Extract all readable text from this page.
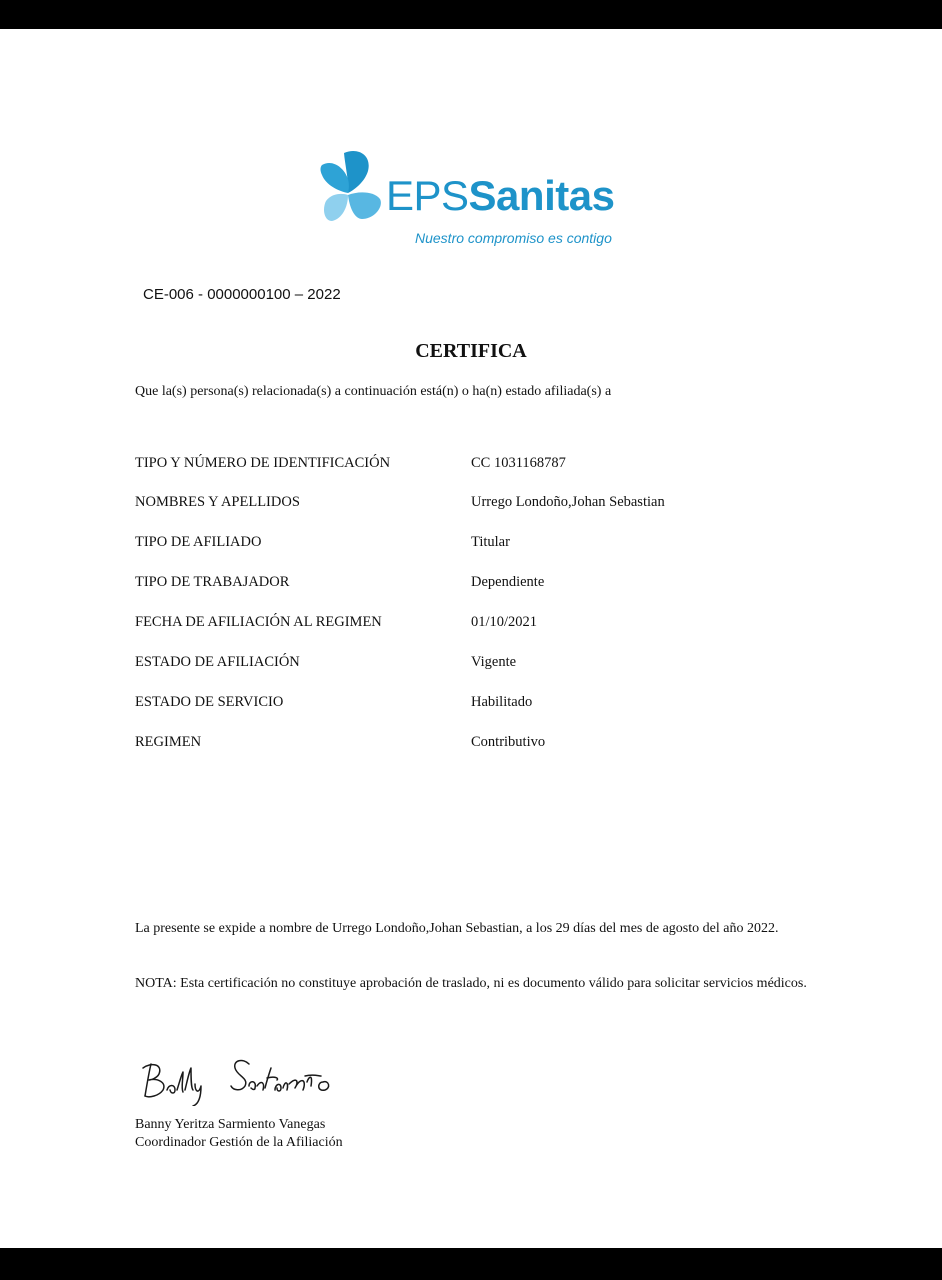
EPSSanitas
Nuestro compromiso es contigo
CE-006 - 0000000100 – 2022
CERTIFICA
Que la(s) persona(s) relacionada(s) a continuación está(n) o ha(n) estado afiliada(s) a
TIPO Y NÚMERO DE IDENTIFICACIÓN	CC 1031168787
NOMBRES Y APELLIDOS	Urrego Londoño,Johan Sebastian
TIPO DE AFILIADO	Titular
TIPO DE TRABAJADOR	Dependiente
FECHA DE AFILIACIÓN AL REGIMEN	01/10/2021
ESTADO DE AFILIACIÓN	Vigente
ESTADO DE SERVICIO	Habilitado
REGIMEN	Contributivo
La presente se expide a nombre de Urrego Londoño,Johan Sebastian, a los 29 días del mes de agosto del año 2022.
NOTA: Esta certificación no constituye aprobación de traslado, ni es documento válido para solicitar servicios médicos.
Banny Yeritza Sarmiento Vanegas
Coordinador Gestión de la Afiliación
